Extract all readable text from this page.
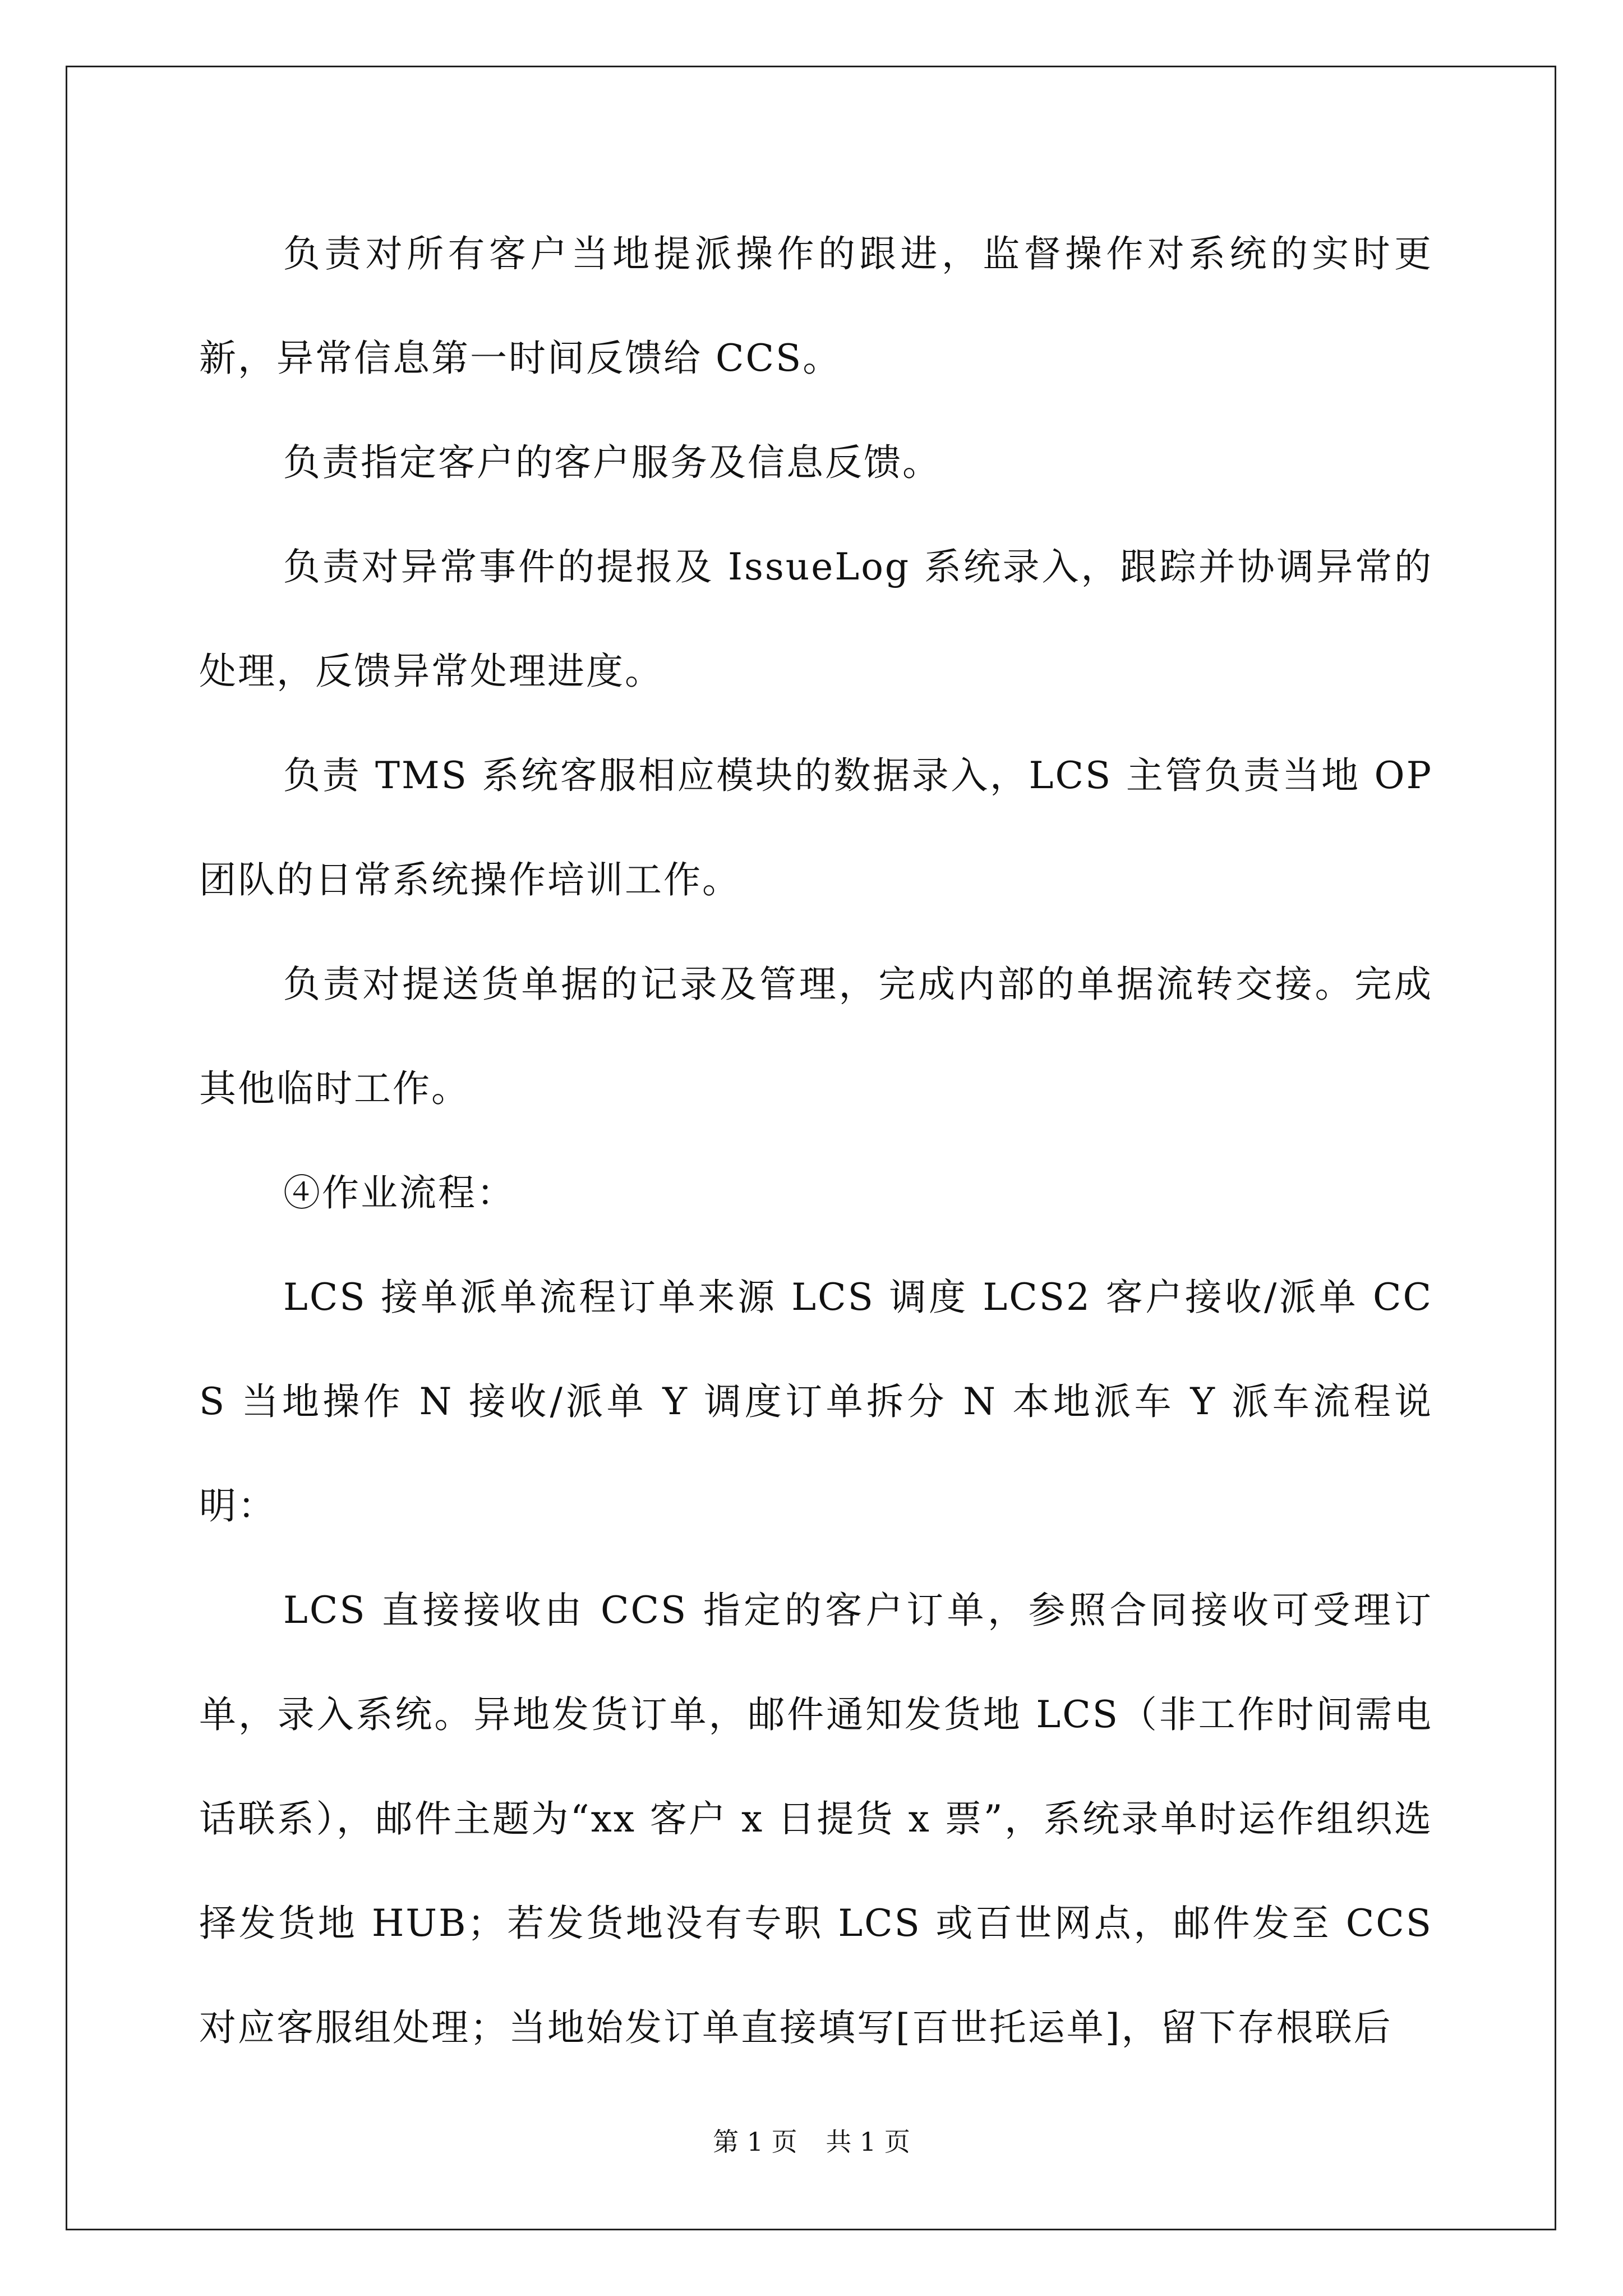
负责对所有客户当地提派操作的跟进，监督操作对系统的实时更新，异常信息第一时间反馈给 CCS。

负责指定客户的客户服务及信息反馈。

负责对异常事件的提报及 IssueLog 系统录入，跟踪并协调异常的处理，反馈异常处理进度。

负责 TMS 系统客服相应模块的数据录入，LCS 主管负责当地 OP 团队的日常系统操作培训工作。

负责对提送货单据的记录及管理，完成内部的单据流转交接。完成其他临时工作。

④作业流程：

LCS 接单派单流程订单来源 LCS 调度 LCS2 客户接收/派单 CCS 当地操作 N 接收/派单 Y 调度订单拆分 N 本地派车 Y 派车流程说明：

LCS 直接接收由 CCS 指定的客户订单，参照合同接收可受理订单，录入系统。异地发货订单，邮件通知发货地 LCS（非工作时间需电话联系），邮件主题为“xx 客户 x 日提货 x 票”，系统录单时运作组织选择发货地 HUB；若发货地没有专职 LCS 或百世网点，邮件发至 CCS 对应客服组处理；当地始发订单直接填写[百世托运单]，留下存根联后

第 1 页 共 1 页
